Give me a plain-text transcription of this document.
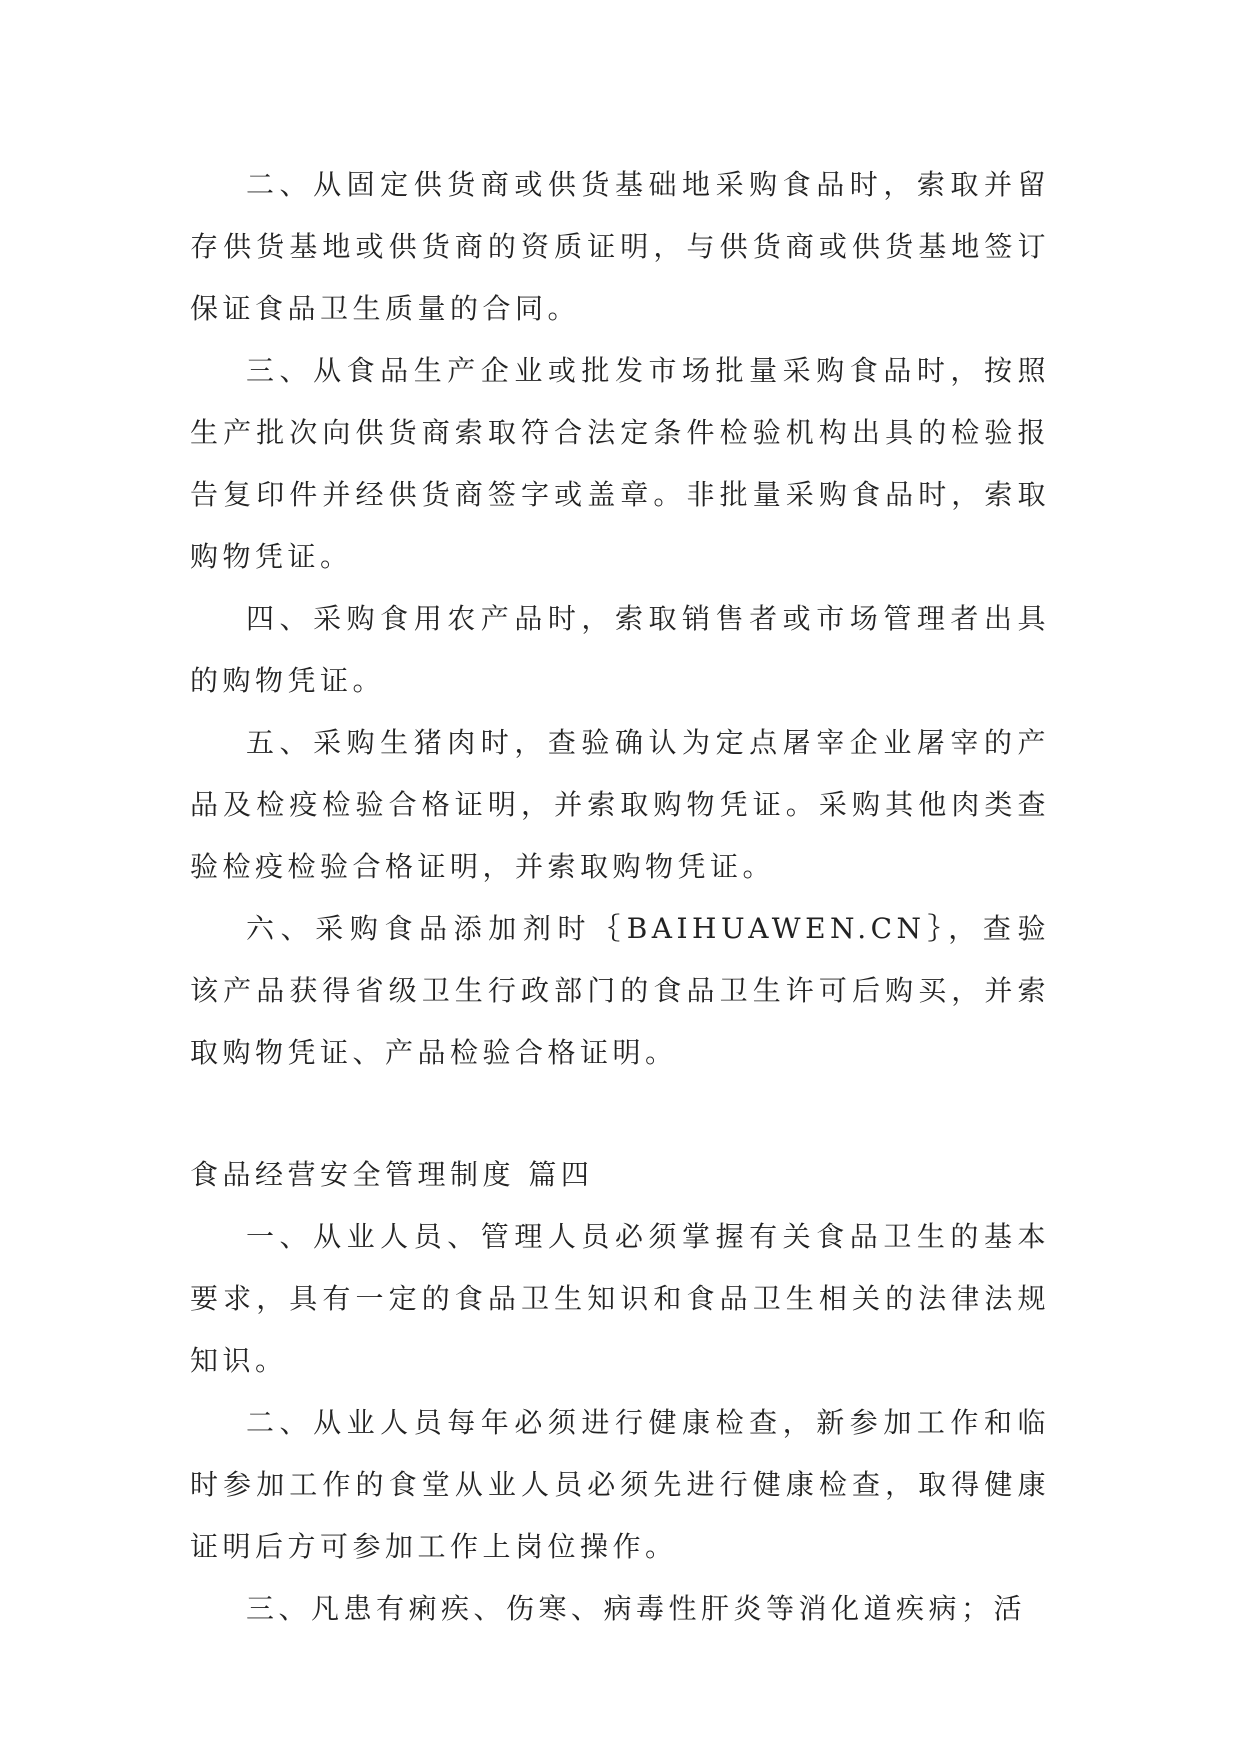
二、从固定供货商或供货基础地采购食品时，索取并留存供货基地或供货商的资质证明，与供货商或供货基地签订保证食品卫生质量的合同。

三、从食品生产企业或批发市场批量采购食品时，按照生产批次向供货商索取符合法定条件检验机构出具的检验报告复印件并经供货商签字或盖章。非批量采购食品时，索取购物凭证。

四、采购食用农产品时，索取销售者或市场管理者出具的购物凭证。

五、采购生猪肉时，查验确认为定点屠宰企业屠宰的产品及检疫检验合格证明，并索取购物凭证。采购其他肉类查验检疫检验合格证明，并索取购物凭证。

六、采购食品添加剂时｛BAIHUAWEN.CN｝，查验该产品获得省级卫生行政部门的食品卫生许可后购买，并索取购物凭证、产品检验合格证明。

食品经营安全管理制度 篇四

一、从业人员、管理人员必须掌握有关食品卫生的基本要求，具有一定的食品卫生知识和食品卫生相关的法律法规知识。

二、从业人员每年必须进行健康检查，新参加工作和临时参加工作的食堂从业人员必须先进行健康检查，取得健康证明后方可参加工作上岗位操作。

三、凡患有痢疾、伤寒、病毒性肝炎等消化道疾病；活
